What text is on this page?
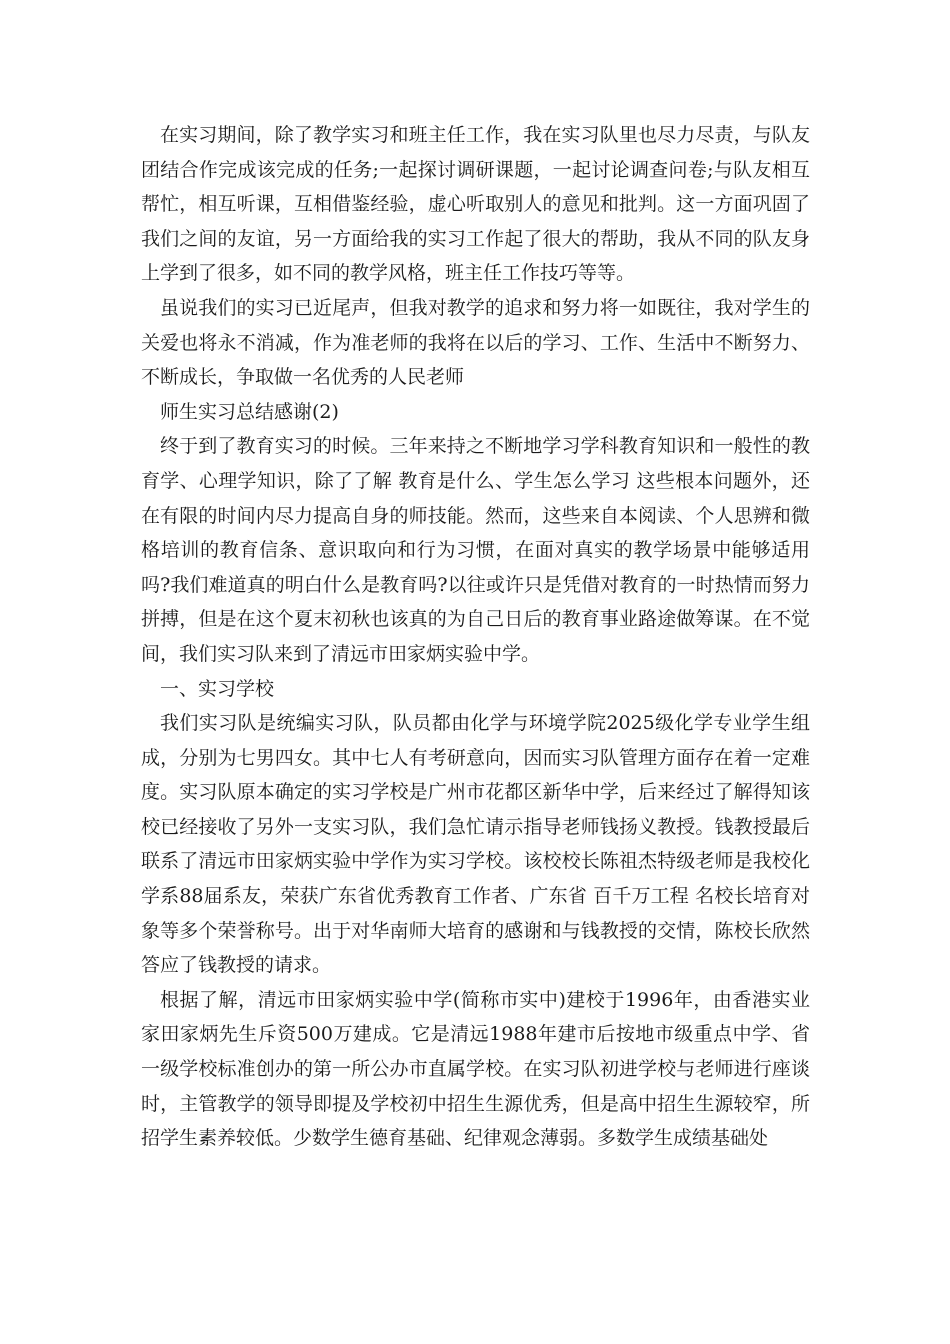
在实习期间，除了教学实习和班主任工作，我在实习队里也尽力尽责，与队友团结合作完成该完成的任务;一起探讨调研课题，一起讨论调查问卷;与队友相互帮忙，相互听课，互相借鉴经验，虚心听取别人的意见和批判。这一方面巩固了我们之间的友谊，另一方面给我的实习工作起了很大的帮助，我从不同的队友身上学到了很多，如不同的教学风格，班主任工作技巧等等。

虽说我们的实习已近尾声，但我对教学的追求和努力将一如既往，我对学生的关爱也将永不消减，作为准老师的我将在以后的学习、工作、生活中不断努力、不断成长，争取做一名优秀的人民老师

师生实习总结感谢(2)

终于到了教育实习的时候。三年来持之不断地学习学科教育知识和一般性的教育学、心理学知识，除了了解 教育是什么、学生怎么学习 这些根本问题外，还在有限的时间内尽力提高自身的师技能。然而，这些来自本阅读、个人思辨和微格培训的教育信条、意识取向和行为习惯，在面对真实的教学场景中能够适用吗?我们难道真的明白什么是教育吗?以往或许只是凭借对教育的一时热情而努力拼搏，但是在这个夏末初秋也该真的为自己日后的教育事业路途做筹谋。在不觉间，我们实习队来到了清远市田家炳实验中学。

一、实习学校

我们实习队是统编实习队，队员都由化学与环境学院2025级化学专业学生组成，分别为七男四女。其中七人有考研意向，因而实习队管理方面存在着一定难度。实习队原本确定的实习学校是广州市花都区新华中学，后来经过了解得知该校已经接收了另外一支实习队，我们急忙请示指导老师钱扬义教授。钱教授最后联系了清远市田家炳实验中学作为实习学校。该校校长陈祖杰特级老师是我校化学系88届系友，荣获广东省优秀教育工作者、广东省 百千万工程 名校长培育对象等多个荣誉称号。出于对华南师大培育的感谢和与钱教授的交情，陈校长欣然答应了钱教授的请求。

根据了解，清远市田家炳实验中学(简称市实中)建校于1996年，由香港实业家田家炳先生斥资500万建成。它是清远1988年建市后按地市级重点中学、省一级学校标准创办的第一所公办市直属学校。在实习队初进学校与老师进行座谈时，主管教学的领导即提及学校初中招生生源优秀，但是高中招生生源较窄，所招学生素养较低。少数学生德育基础、纪律观念薄弱。多数学生成绩基础处
